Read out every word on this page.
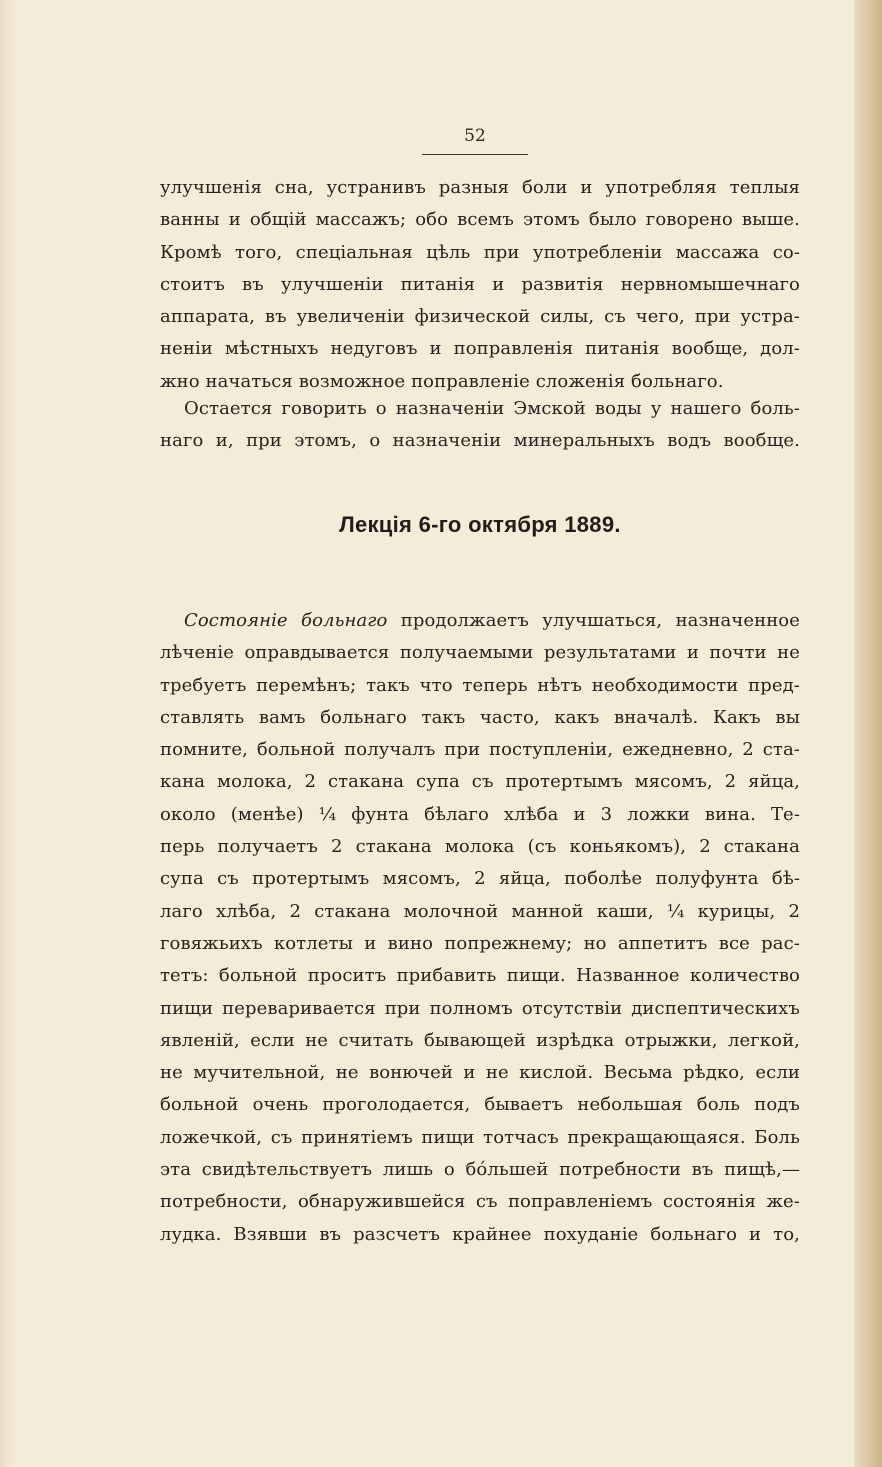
52
улучшенія сна, устранивъ разныя боли и употребляя теплыя
ванны и общій массажъ; обо всемъ этомъ было говорено выше.
Кромѣ того, спеціальная цѣль при употребленіи массажа со-
стоитъ въ улучшеніи питанія и развитія нервномышечнаго
аппарата, въ увеличеніи физической силы, съ чего, при устра-
неніи мѣстныхъ недуговъ и поправленія питанія вообще, дол-
жно начаться возможное поправленіе сложенія больнаго.
Остается говорить о назначеніи Эмской воды у нашего боль-
наго и, при этомъ, о назначеніи минеральныхъ водъ вообще.
Лекція 6-го октября 1889.
Состояніе больнаго продолжаетъ улучшаться, назначенное
лѣченіе оправдывается получаемыми результатами и почти не
требуетъ перемѣнъ; такъ что теперь нѣтъ необходимости пред-
ставлять вамъ больнаго такъ часто, какъ вначалѣ. Какъ вы
помните, больной получалъ при поступленіи, ежедневно, 2 ста-
кана молока, 2 стакана супа съ протертымъ мясомъ, 2 яйца,
около (менѣе) ¼ фунта бѣлаго хлѣба и 3 ложки вина. Те-
перь получаетъ 2 стакана молока (съ коньякомъ), 2 стакана
супа съ протертымъ мясомъ, 2 яйца, поболѣе полуфунта бѣ-
лаго хлѣба, 2 стакана молочной манной каши, ¼ курицы, 2
говяжьихъ котлеты и вино попрежнему; но аппетитъ все рас-
тетъ: больной проситъ прибавить пищи. Названное количество
пищи переваривается при полномъ отсутствіи диспептическихъ
явленій, если не считать бывающей изрѣдка отрыжки, легкой,
не мучительной, не вонючей и не кислой. Весьма рѣдко, если
больной очень проголодается, бываетъ небольшая боль подъ
ложечкой, съ принятіемъ пищи тотчасъ прекращающаяся. Боль
эта свидѣтельствуетъ лишь о бóльшей потребности въ пищѣ,—
потребности, обнаружившейся съ поправленіемъ состоянія же-
лудка. Взявши въ разсчетъ крайнее похуданіе больнаго и то,
